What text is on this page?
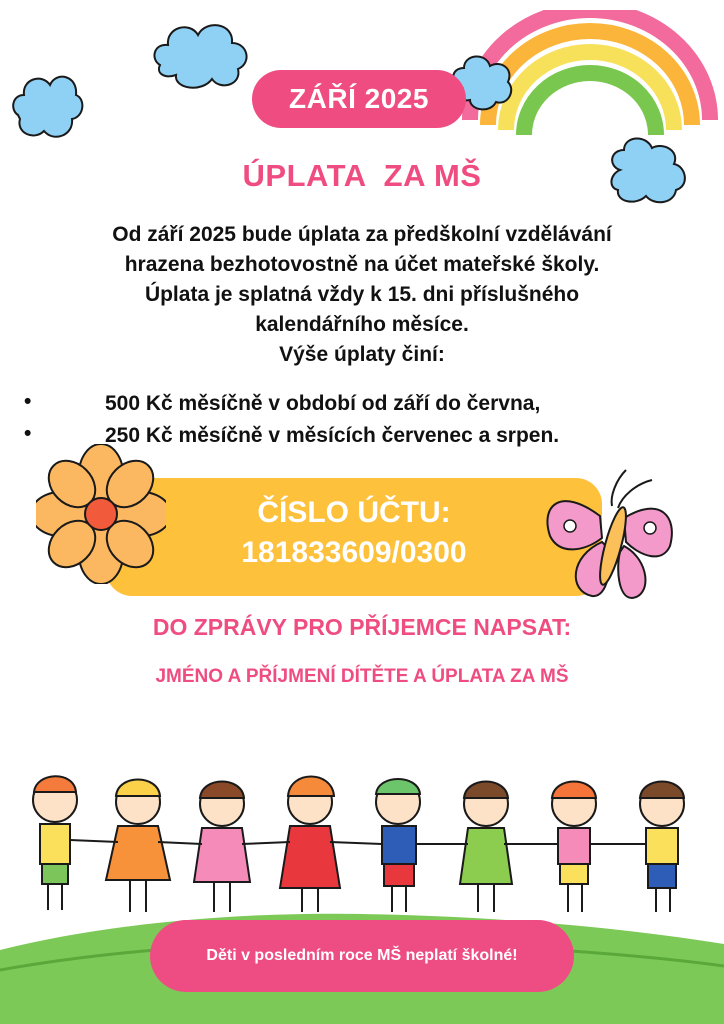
ZÁŘÍ 2025
ÚPLATA  ZA MŠ
Od září 2025 bude úplata za předškolní vzdělávání
hrazena bezhotovostně na účet mateřské školy.
Úplata je splatná vždy k 15. dni příslušného
kalendářního měsíce.
Výše úplaty činí:
•	500 Kč měsíčně v období od září do června,
•	250 Kč měsíčně v měsících červenec a srpen.
ČÍSLO ÚČTU:
181833609/0300
DO ZPRÁVY PRO PŘÍJEMCE NAPSAT:
JMÉNO A PŘÍJMENÍ DÍTĚTE A ÚPLATA ZA MŠ
Děti v posledním roce MŠ neplatí školné!
